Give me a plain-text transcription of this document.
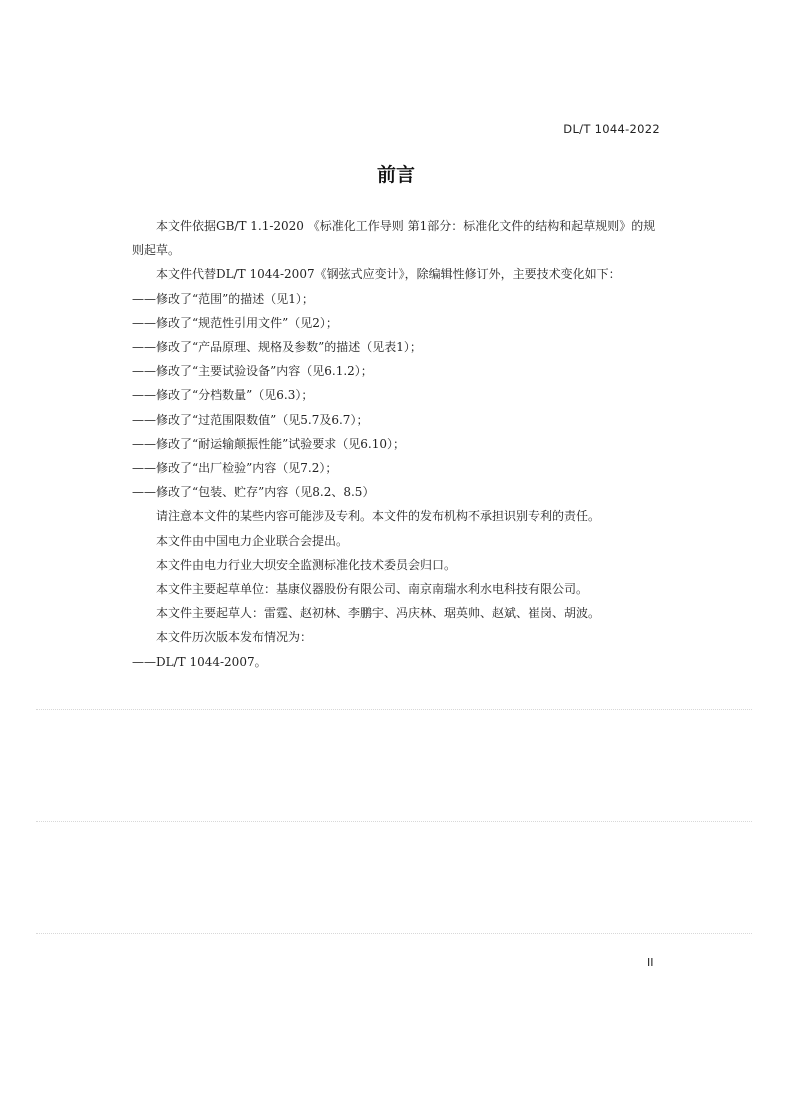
DL/T 1044-2022
前言

本文件依据GB/T 1.1-2020 《标准化工作导则 第1部分：标准化文件的结构和起草规则》的规则起草。

本文件代替DL/T 1044-2007《钢弦式应变计》，除编辑性修订外，主要技术变化如下：

——修改了“范围”的描述（见1）；

——修改了“规范性引用文件”（见2）；

——修改了“产品原理、规格及参数”的描述（见表1）；

——修改了“主要试验设备”内容（见6.1.2）；

——修改了“分档数量”（见6.3）；

——修改了“过范围限数值”（见5.7及6.7）；

——修改了“耐运输颠振性能”试验要求（见6.10）；

——修改了“出厂检验”内容（见7.2）；

——修改了“包装、贮存”内容（见8.2、8.5）

请注意本文件的某些内容可能涉及专利。本文件的发布机构不承担识别专利的责任。

本文件由中国电力企业联合会提出。

本文件由电力行业大坝安全监测标准化技术委员会归口。

本文件主要起草单位：基康仪器股份有限公司、南京南瑞水利水电科技有限公司。

本文件主要起草人：雷霆、赵初林、李鹏宇、冯庆林、琚英帅、赵斌、崔岗、胡波。

本文件历次版本发布情况为：

——DL/T 1044-2007。

II
